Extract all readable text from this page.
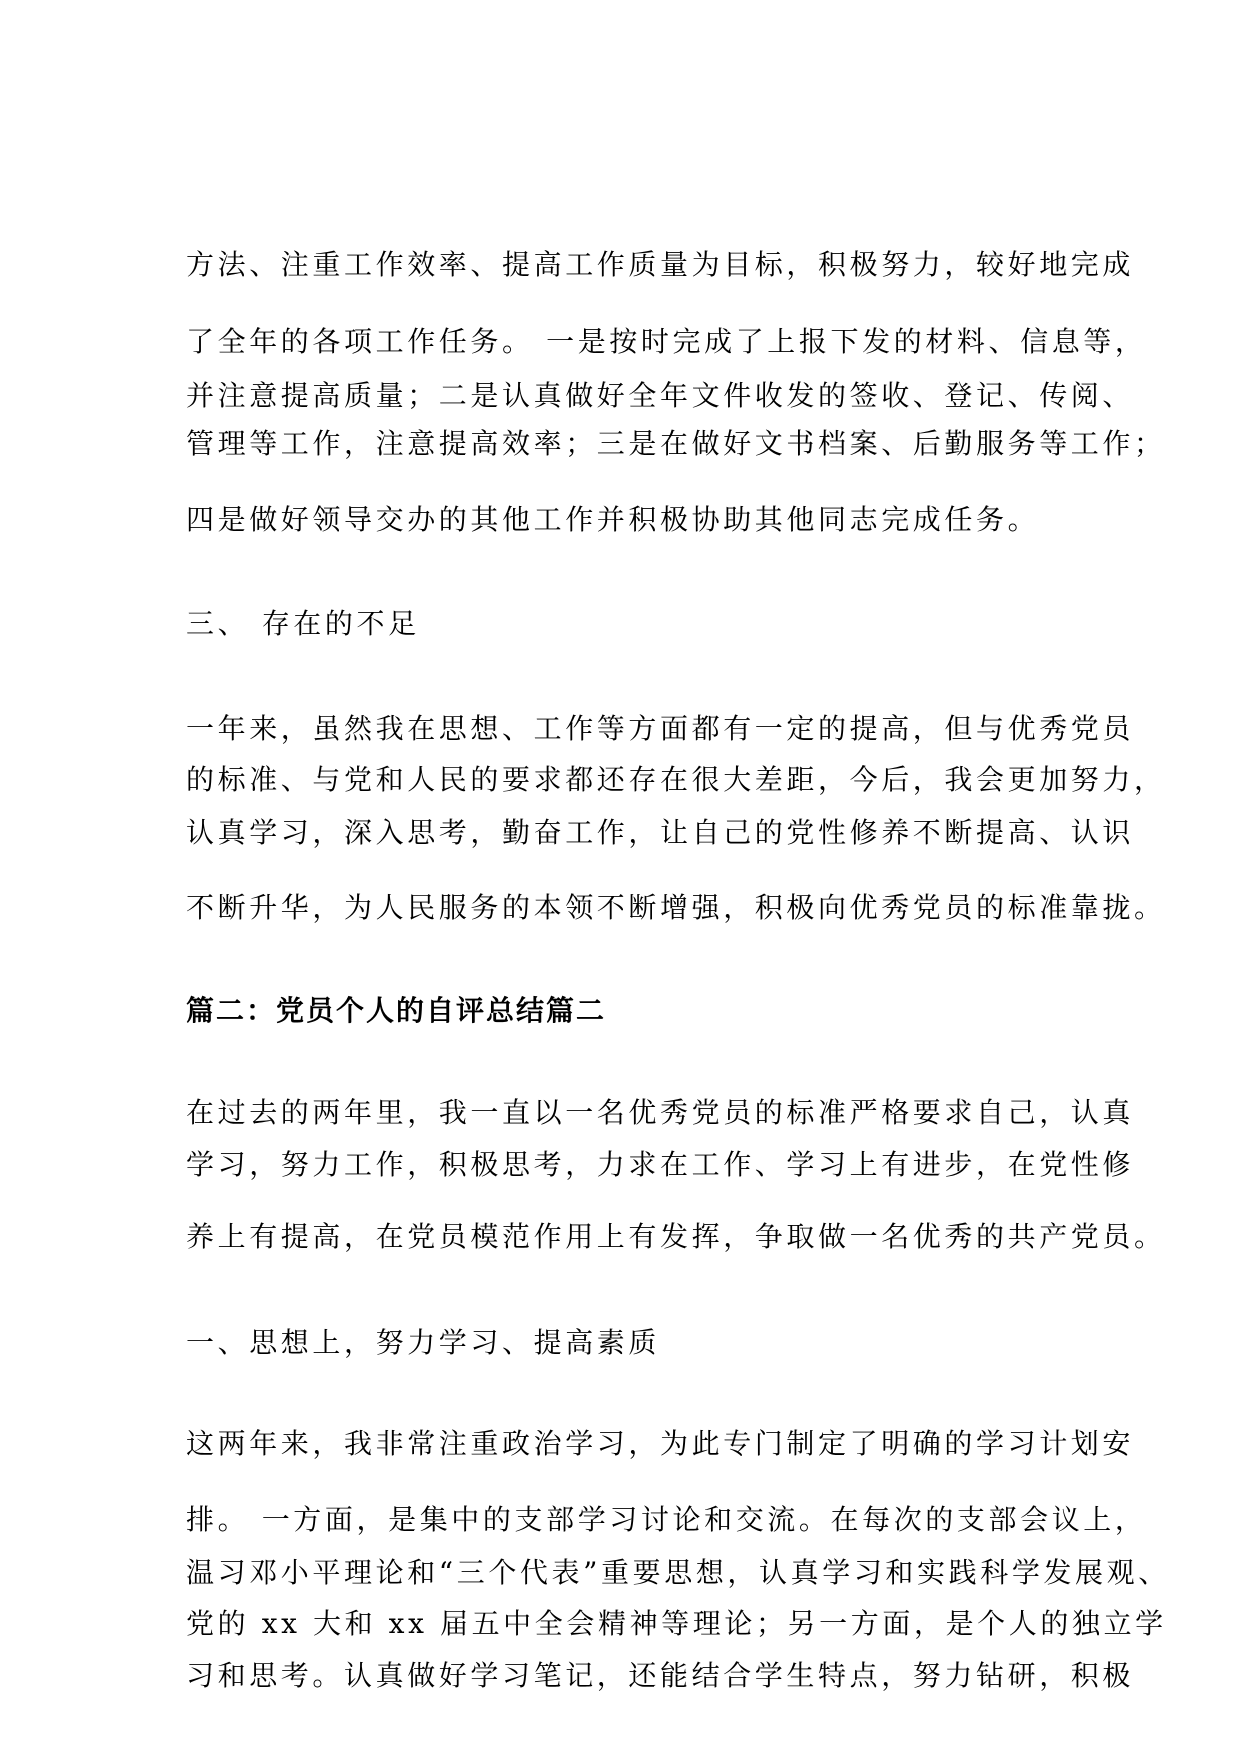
方法、注重工作效率、提高工作质量为目标，积极努力，较好地完成

了全年的各项工作任务。 一是按时完成了上报下发的材料、信息等，

并注意提高质量；二是认真做好全年文件收发的签收、登记、传阅、

管理等工作，注意提高效率；三是在做好文书档案、后勤服务等工作；

四是做好领导交办的其他工作并积极协助其他同志完成任务。

三、 存在的不足

一年来，虽然我在思想、工作等方面都有一定的提高，但与优秀党员

的标准、与党和人民的要求都还存在很大差距，今后，我会更加努力，

认真学习，深入思考，勤奋工作，让自己的党性修养不断提高、认识

不断升华，为人民服务的本领不断增强，积极向优秀党员的标准靠拢。

篇二：党员个人的自评总结篇二

在过去的两年里，我一直以一名优秀党员的标准严格要求自己，认真

学习，努力工作，积极思考，力求在工作、学习上有进步，在党性修

养上有提高，在党员模范作用上有发挥，争取做一名优秀的共产党员。

一、思想上，努力学习、提高素质

这两年来，我非常注重政治学习，为此专门制定了明确的学习计划安

排。 一方面，是集中的支部学习讨论和交流。在每次的支部会议上，

温习邓小平理论和“三个代表”重要思想，认真学习和实践科学发展观、

党的 xx 大和 xx 届五中全会精神等理论；另一方面，是个人的独立学

习和思考。认真做好学习笔记，还能结合学生特点，努力钻研，积极
